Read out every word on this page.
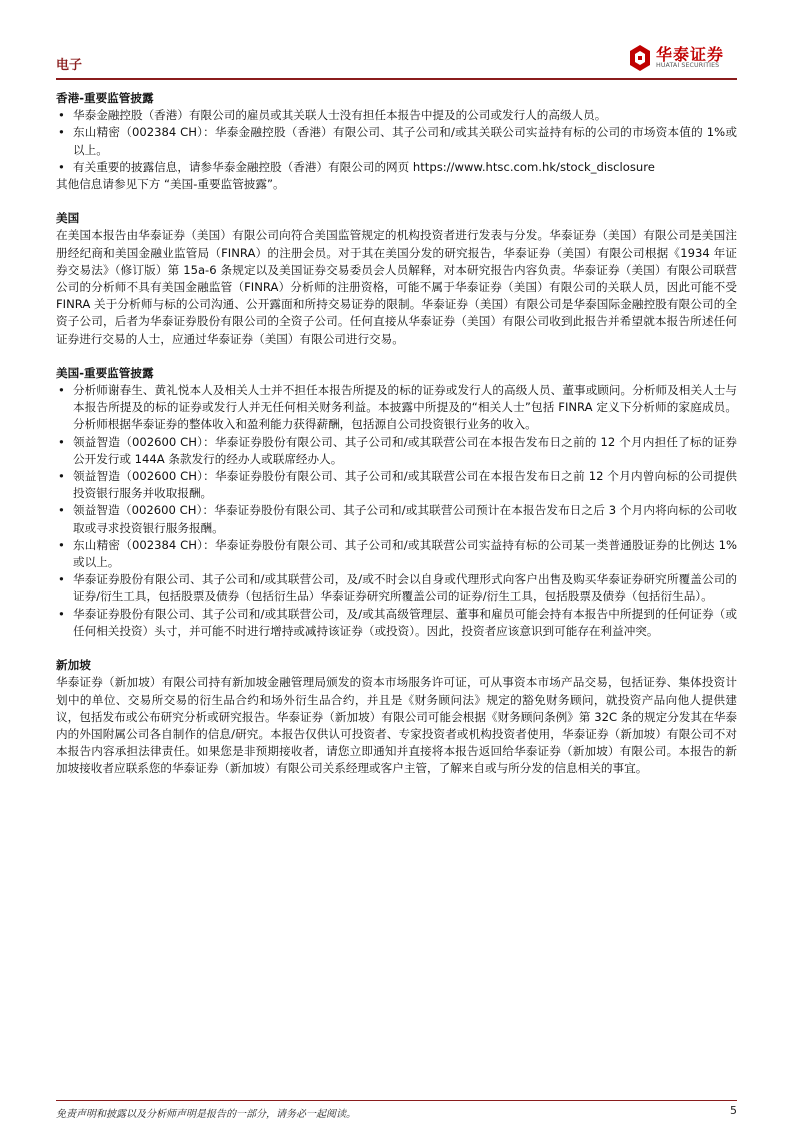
电子
华泰证券
HUATAI SECURITIES

香港-重要监管披露

• 华泰金融控股（香港）有限公司的雇员或其关联人士没有担任本报告中提及的公司或发行人的高级人员。
• 东山精密（002384 CH）：华泰金融控股（香港）有限公司、其子公司和/或其关联公司实益持有标的公司的市场资本值的 1%或以上。
• 有关重要的披露信息，请参华泰金融控股（香港）有限公司的网页 https://www.htsc.com.hk/stock_disclosure

其他信息请参见下方 “美国-重要监管披露”。

美国

在美国本报告由华泰证券（美国）有限公司向符合美国监管规定的机构投资者进行发表与分发。华泰证券（美国）有限公司是美国注册经纪商和美国金融业监管局（FINRA）的注册会员。对于其在美国分发的研究报告，华泰证券（美国）有限公司根据《1934 年证券交易法》（修订版）第 15a-6 条规定以及美国证券交易委员会人员解释，对本研究报告内容负责。华泰证券（美国）有限公司联营公司的分析师不具有美国金融监管（FINRA）分析师的注册资格，可能不属于华泰证券（美国）有限公司的关联人员，因此可能不受 FINRA 关于分析师与标的公司沟通、公开露面和所持交易证券的限制。华泰证券（美国）有限公司是华泰国际金融控股有限公司的全资子公司，后者为华泰证券股份有限公司的全资子公司。任何直接从华泰证券（美国）有限公司收到此报告并希望就本报告所述任何证券进行交易的人士，应通过华泰证券（美国）有限公司进行交易。

美国-重要监管披露

• 分析师谢春生、黄礼悦本人及相关人士并不担任本报告所提及的标的证券或发行人的高级人员、董事或顾问。分析师及相关人士与本报告所提及的标的证券或发行人并无任何相关财务利益。本披露中所提及的“相关人士”包括 FINRA 定义下分析师的家庭成员。分析师根据华泰证券的整体收入和盈利能力获得薪酬，包括源自公司投资银行业务的收入。
• 领益智造（002600 CH）：华泰证券股份有限公司、其子公司和/或其联营公司在本报告发布日之前的 12 个月内担任了标的证券公开发行或 144A 条款发行的经办人或联席经办人。
• 领益智造（002600 CH）：华泰证券股份有限公司、其子公司和/或其联营公司在本报告发布日之前 12 个月内曾向标的公司提供投资银行服务并收取报酬。
• 领益智造（002600 CH）：华泰证券股份有限公司、其子公司和/或其联营公司预计在本报告发布日之后 3 个月内将向标的公司收取或寻求投资银行服务报酬。
• 东山精密（002384 CH）：华泰证券股份有限公司、其子公司和/或其联营公司实益持有标的公司某一类普通股证券的比例达 1%或以上。
• 华泰证券股份有限公司、其子公司和/或其联营公司，及/或不时会以自身或代理形式向客户出售及购买华泰证券研究所覆盖公司的证券/衍生工具，包括股票及债券（包括衍生品）华泰证券研究所覆盖公司的证券/衍生工具，包括股票及债券（包括衍生品）。
• 华泰证券股份有限公司、其子公司和/或其联营公司，及/或其高级管理层、董事和雇员可能会持有本报告中所提到的任何证券（或任何相关投资）头寸，并可能不时进行增持或减持该证券（或投资）。因此，投资者应该意识到可能存在利益冲突。

新加坡

华泰证券（新加坡）有限公司持有新加坡金融管理局颁发的资本市场服务许可证，可从事资本市场产品交易，包括证券、集体投资计划中的单位、交易所交易的衍生品合约和场外衍生品合约，并且是《财务顾问法》规定的豁免财务顾问，就投资产品向他人提供建议，包括发布或公布研究分析或研究报告。华泰证券（新加坡）有限公司可能会根据《财务顾问条例》第 32C 条的规定分发其在华泰内的外国附属公司各自制作的信息/研究。本报告仅供认可投资者、专家投资者或机构投资者使用，华泰证券（新加坡）有限公司不对本报告内容承担法律责任。如果您是非预期接收者，请您立即通知并直接将本报告返回给华泰证券（新加坡）有限公司。本报告的新加坡接收者应联系您的华泰证券（新加坡）有限公司关系经理或客户主管，了解来自或与所分发的信息相关的事宜。

免责声明和披露以及分析师声明是报告的一部分，请务必一起阅读。	5
